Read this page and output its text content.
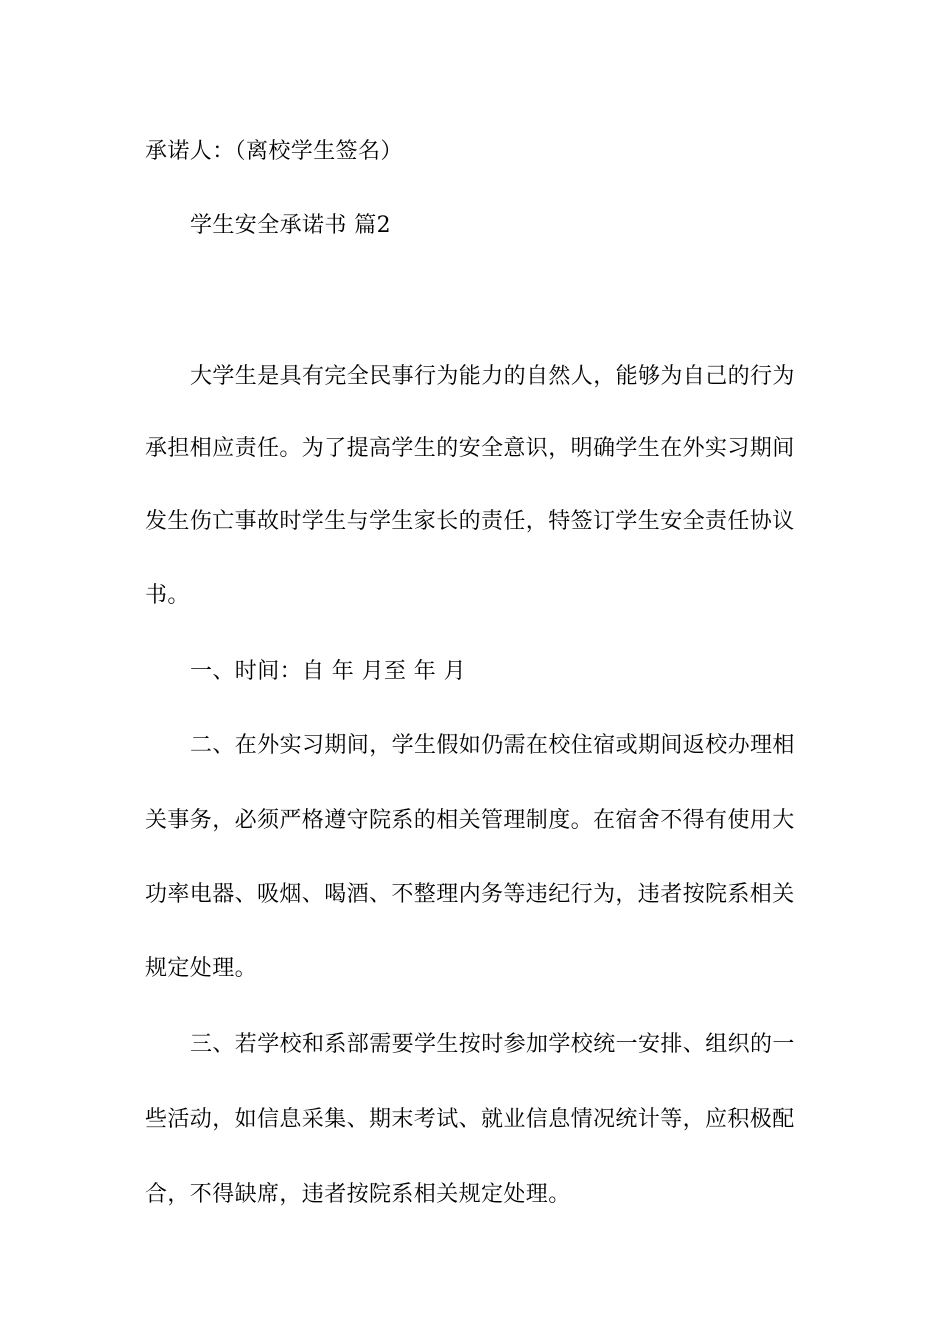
承诺人：（离校学生签名）
学生安全承诺书 篇2
大学生是具有完全民事行为能力的自然人，能够为自己的行为
承担相应责任。为了提高学生的安全意识，明确学生在外实习期间
发生伤亡事故时学生与学生家长的责任，特签订学生安全责任协议
书。
一、时间：自 年 月至 年 月
二、在外实习期间，学生假如仍需在校住宿或期间返校办理相
关事务，必须严格遵守院系的相关管理制度。在宿舍不得有使用大
功率电器、吸烟、喝酒、不整理内务等违纪行为，违者按院系相关
规定处理。
三、若学校和系部需要学生按时参加学校统一安排、组织的一
些活动，如信息采集、期末考试、就业信息情况统计等，应积极配
合，不得缺席，违者按院系相关规定处理。
